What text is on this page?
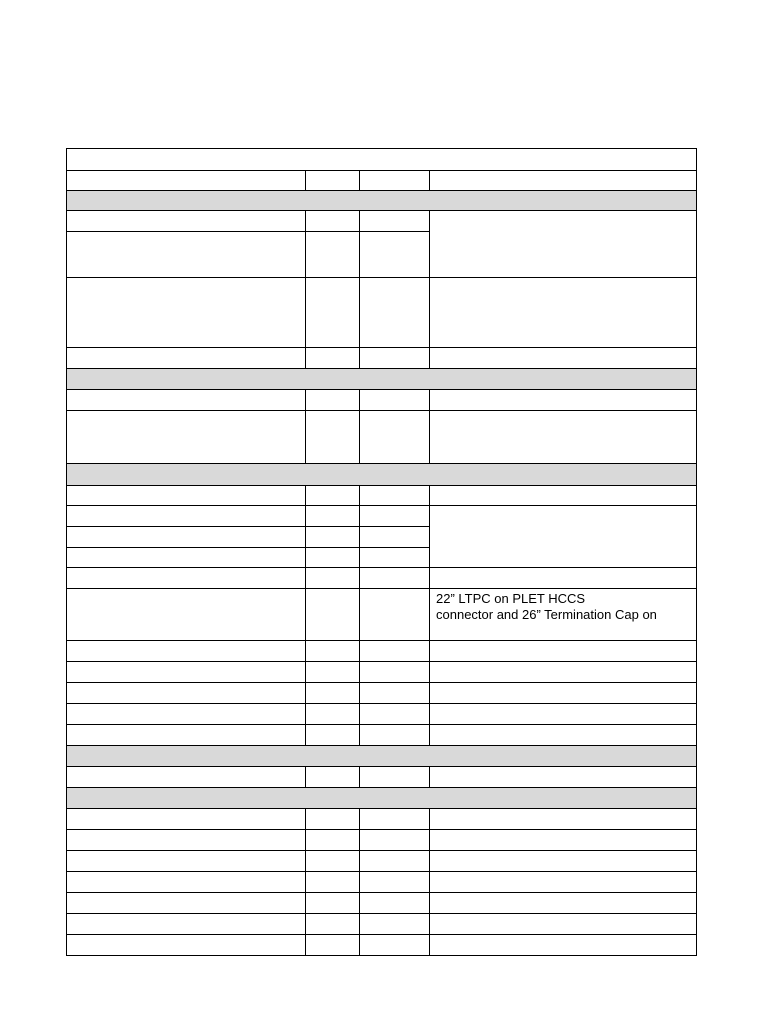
			22” LTPC on PLET HCCS
connector and 26” Termination Cap on
